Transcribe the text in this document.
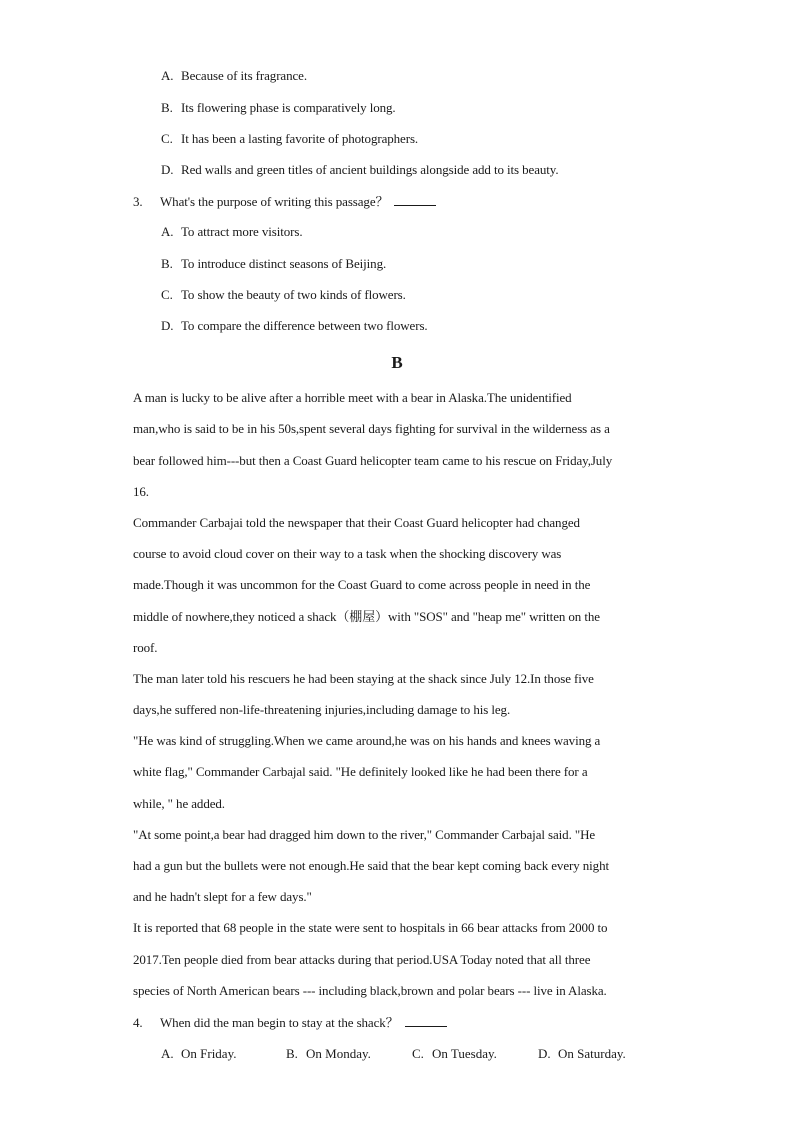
A. Because of its fragrance.
B. Its flowering phase is comparatively long.
C. It has been a lasting favorite of photographers.
D. Red walls and green titles of ancient buildings alongside add to its beauty.
3. What's the purpose of writing this passage？
A. To attract more visitors.
B. To introduce distinct seasons of Beijing.
C. To show the beauty of two kinds of flowers.
D. To compare the difference between two flowers.
B
A man is lucky to be alive after a horrible meet with a bear in Alaska.The unidentified
man,who is said to be in his 50s,spent several days fighting for survival in the wilderness as a
bear followed him---but then a Coast Guard helicopter team came to his rescue on Friday,July
16.
Commander Carbajai told the newspaper that their Coast Guard helicopter had changed
course to avoid cloud cover on their way to a task when the shocking discovery was
made.Though it was uncommon for the Coast Guard to come across people in need in the
middle of nowhere,they noticed a shack（棚屋）with "SOS" and "heap me" written on the
roof.
The man later told his rescuers he had been staying at the shack since July 12.In those five
days,he suffered non-life-threatening injuries,including damage to his leg.
"He was kind of struggling.When we came around,he was on his hands and knees waving a
white flag," Commander Carbajal said. "He definitely looked like he had been there for a
while, " he added.
"At some point,a bear had dragged him down to the river," Commander Carbajal said. "He
had a gun but the bullets were not enough.He said that the bear kept coming back every night
and he hadn't slept for a few days."
It is reported that 68 people in the state were sent to hospitals in 66 bear attacks from 2000 to
2017.Ten people died from bear attacks during that period.USA Today noted that all three
species of North American bears --- including black,brown and polar bears --- live in Alaska.
4. When did the man begin to stay at the shack？
A. On Friday.	B. On Monday.	C. On Tuesday.	D. On Saturday.
